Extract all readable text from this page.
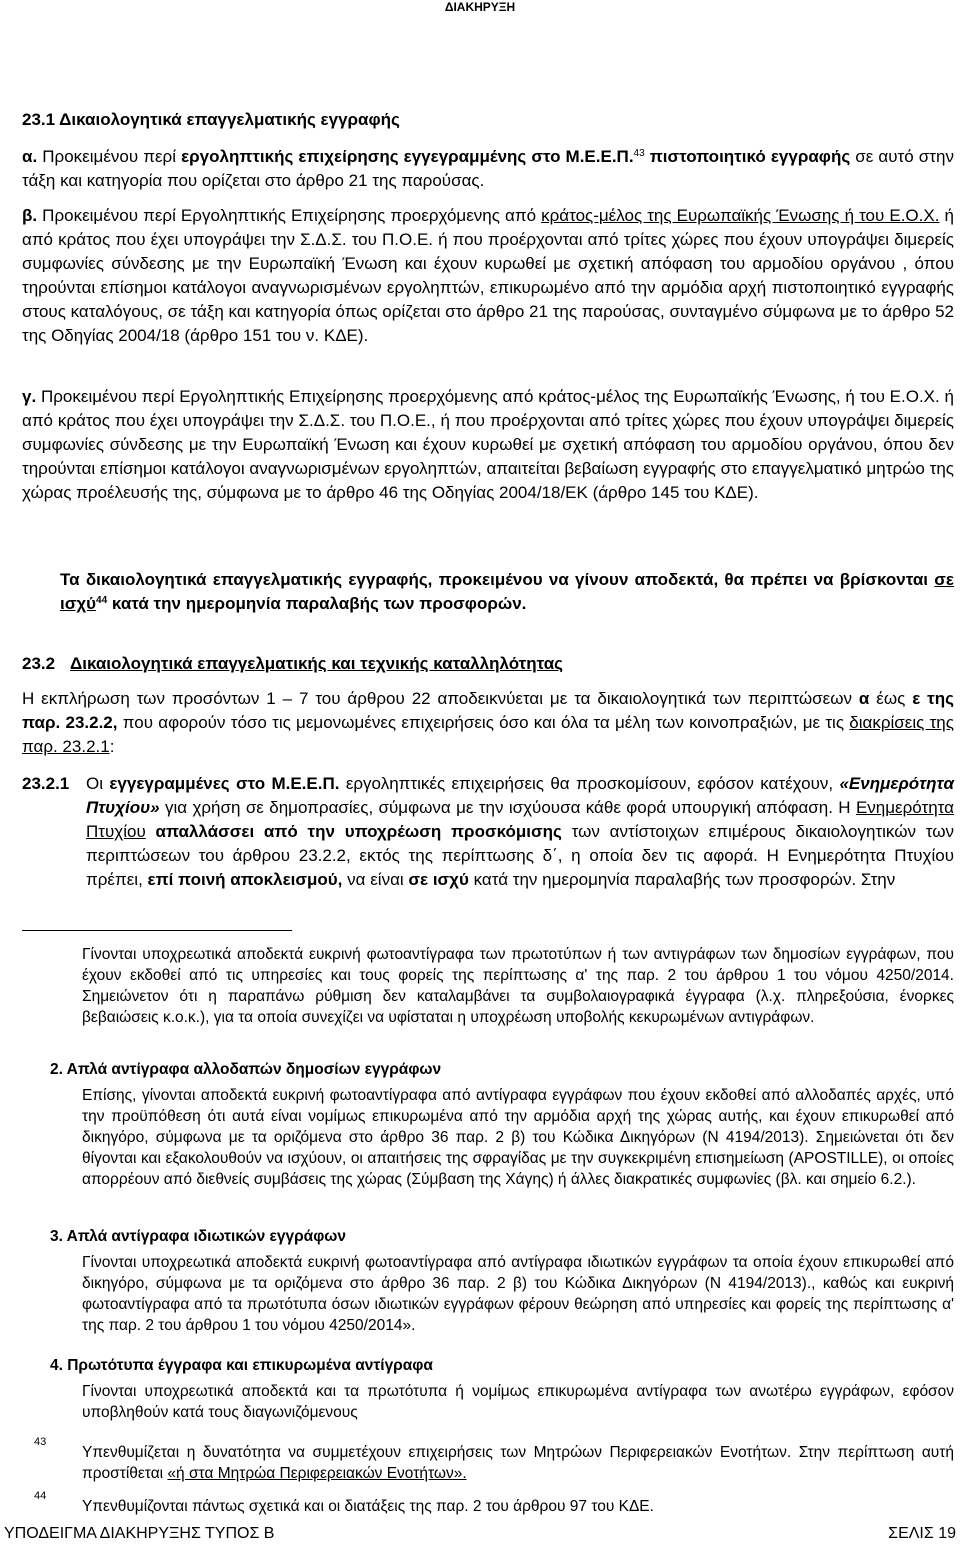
ΔΙΑΚΗΡΥΞΗ
23.1 Δικαιολογητικά επαγγελματικής εγγραφής
α. Προκειμένου περί εργοληπτικής επιχείρησης εγγεγραμμένης στο Μ.Ε.Ε.Π.$^{43}$ πιστοποιητικό εγγραφής σε αυτό στην τάξη και κατηγορία που ορίζεται στο άρθρο 21 της παρούσας.
β. Προκειμένου περί Εργοληπτικής Επιχείρησης προερχόμενης από κράτος-μέλος της Ευρωπαϊκής Ένωσης ή του Ε.Ο.Χ. ή από κράτος που έχει υπογράψει την Σ.Δ.Σ. του Π.Ο.Ε. ή που προέρχονται από τρίτες χώρες που έχουν υπογράψει διμερείς συμφωνίες σύνδεσης με την Ευρωπαϊκή Ένωση και έχουν κυρωθεί με σχετική απόφαση του αρμοδίου οργάνου , όπου τηρούνται επίσημοι κατάλογοι αναγνωρισμένων εργοληπτών, επικυρωμένο από την αρμόδια αρχή πιστοποιητικό εγγραφής στους καταλόγους, σε τάξη και κατηγορία όπως ορίζεται στο άρθρο 21 της παρούσας, συνταγμένο σύμφωνα με το άρθρο 52 της Οδηγίας 2004/18 (άρθρο 151 του ν. ΚΔΕ).
γ. Προκειμένου περί Εργοληπτικής Επιχείρησης προερχόμενης από κράτος-μέλος της Ευρωπαϊκής Ένωσης, ή του Ε.Ο.Χ. ή από κράτος που έχει υπογράψει την Σ.Δ.Σ. του Π.Ο.Ε., ή που προέρχονται από τρίτες χώρες που έχουν υπογράψει διμερείς συμφωνίες σύνδεσης με την Ευρωπαϊκή Ένωση και έχουν κυρωθεί με σχετική απόφαση του αρμοδίου οργάνου, όπου δεν τηρούνται επίσημοι κατάλογοι αναγνωρισμένων εργοληπτών, απαιτείται βεβαίωση εγγραφής στο επαγγελματικό μητρώο της χώρας προέλευσής της, σύμφωνα με το άρθρο 46 της Οδηγίας 2004/18/ΕΚ (άρθρο 145 του ΚΔΕ).
Τα δικαιολογητικά επαγγελματικής εγγραφής, προκειμένου να γίνουν αποδεκτά, θα πρέπει να βρίσκονται σε ισχύ$^{44}$ κατά την ημερομηνία παραλαβής των προσφορών.
23.2 Δικαιολογητικά επαγγελματικής και τεχνικής καταλληλότητας
Η εκπλήρωση των προσόντων 1 – 7 του άρθρου 22 αποδεικνύεται με τα δικαιολογητικά των περιπτώσεων α έως ε της παρ. 23.2.2, που αφορούν τόσο τις μεμονωμένες επιχειρήσεις όσο και όλα τα μέλη των κοινοπραξιών, με τις διακρίσεις της παρ. 23.2.1:
23.2.1 Οι εγγεγραμμένες στο Μ.Ε.Ε.Π. εργοληπτικές επιχειρήσεις θα προσκομίσουν, εφόσον κατέχουν, «Ενημερότητα Πτυχίου» για χρήση σε δημοπρασίες, σύμφωνα με την ισχύουσα κάθε φορά υπουργική απόφαση. Η Ενημερότητα Πτυχίου απαλλάσσει από την υποχρέωση προσκόμισης των αντίστοιχων επιμέρους δικαιολογητικών των περιπτώσεων του άρθρου 23.2.2, εκτός της περίπτωσης δ΄, η οποία δεν τις αφορά. Η Ενημερότητα Πτυχίου πρέπει, επί ποινή αποκλεισμού, να είναι σε ισχύ κατά την ημερομηνία παραλαβής των προσφορών. Στην
Γίνονται υποχρεωτικά αποδεκτά ευκρινή φωτοαντίγραφα των πρωτοτύπων ή των αντιγράφων των δημοσίων εγγράφων, που έχουν εκδοθεί από τις υπηρεσίες και τους φορείς της περίπτωσης α' της παρ. 2 του άρθρου 1 του νόμου 4250/2014. Σημειώνετον ότι η παραπάνω ρύθμιση δεν καταλαμβάνει τα συμβολαιογραφικά έγγραφα (λ.χ. πληρεξούσια, ένορκες βεβαιώσεις κ.ο.κ.), για τα οποία συνεχίζει να υφίσταται η υποχρέωση υποβολής κεκυρωμένων αντιγράφων.
2. Απλά αντίγραφα αλλοδαπών δημοσίων εγγράφων
Επίσης, γίνονται αποδεκτά ευκρινή φωτοαντίγραφα από αντίγραφα εγγράφων που έχουν εκδοθεί από αλλοδαπές αρχές, υπό την προϋπόθεση ότι αυτά είναι νομίμως επικυρωμένα από την αρμόδια αρχή της χώρας αυτής, και έχουν επικυρωθεί από δικηγόρο, σύμφωνα με τα οριζόμενα στο άρθρο 36 παρ. 2 β) του Κώδικα Δικηγόρων (Ν 4194/2013). Σημειώνεται ότι δεν θίγονται και εξακολουθούν να ισχύουν, οι απαιτήσεις της σφραγίδας με την συγκεκριμένη επισημείωση (APOSTILLE), οι οποίες απορρέουν από διεθνείς συμβάσεις της χώρας (Σύμβαση της Χάγης) ή άλλες διακρατικές συμφωνίες (βλ. και σημείο 6.2.).
3. Απλά αντίγραφα ιδιωτικών εγγράφων
Γίνονται υποχρεωτικά αποδεκτά ευκρινή φωτοαντίγραφα από αντίγραφα ιδιωτικών εγγράφων τα οποία έχουν επικυρωθεί από δικηγόρο, σύμφωνα με τα οριζόμενα στο άρθρο 36 παρ. 2 β) του Κώδικα Δικηγόρων (Ν 4194/2013)., καθώς και ευκρινή φωτοαντίγραφα από τα πρωτότυπα όσων ιδιωτικών εγγράφων φέρουν θεώρηση από υπηρεσίες και φορείς της περίπτωσης α' της παρ. 2 του άρθρου 1 του νόμου 4250/2014».
4. Πρωτότυπα έγγραφα και επικυρωμένα αντίγραφα
Γίνονται υποχρεωτικά αποδεκτά και τα πρωτότυπα ή νομίμως επικυρωμένα αντίγραφα των ανωτέρω εγγράφων, εφόσον υποβληθούν κατά τους διαγωνιζόμενους
43
Υπενθυμίζεται η δυνατότητα να συμμετέχουν επιχειρήσεις των Μητρώων Περιφερειακών Ενοτήτων. Στην περίπτωση αυτή προστίθεται «ή στα Μητρώα Περιφερειακών Ενοτήτων».
44
Υπενθυμίζονται πάντως σχετικά και οι διατάξεις της παρ. 2 του άρθρου 97 του ΚΔΕ.
ΥΠΟΔΕΙΓΜΑ ΔΙΑΚΗΡΥΞΗΣ ΤΥΠΟΣ Β	ΣΕΛΙΣ 19
